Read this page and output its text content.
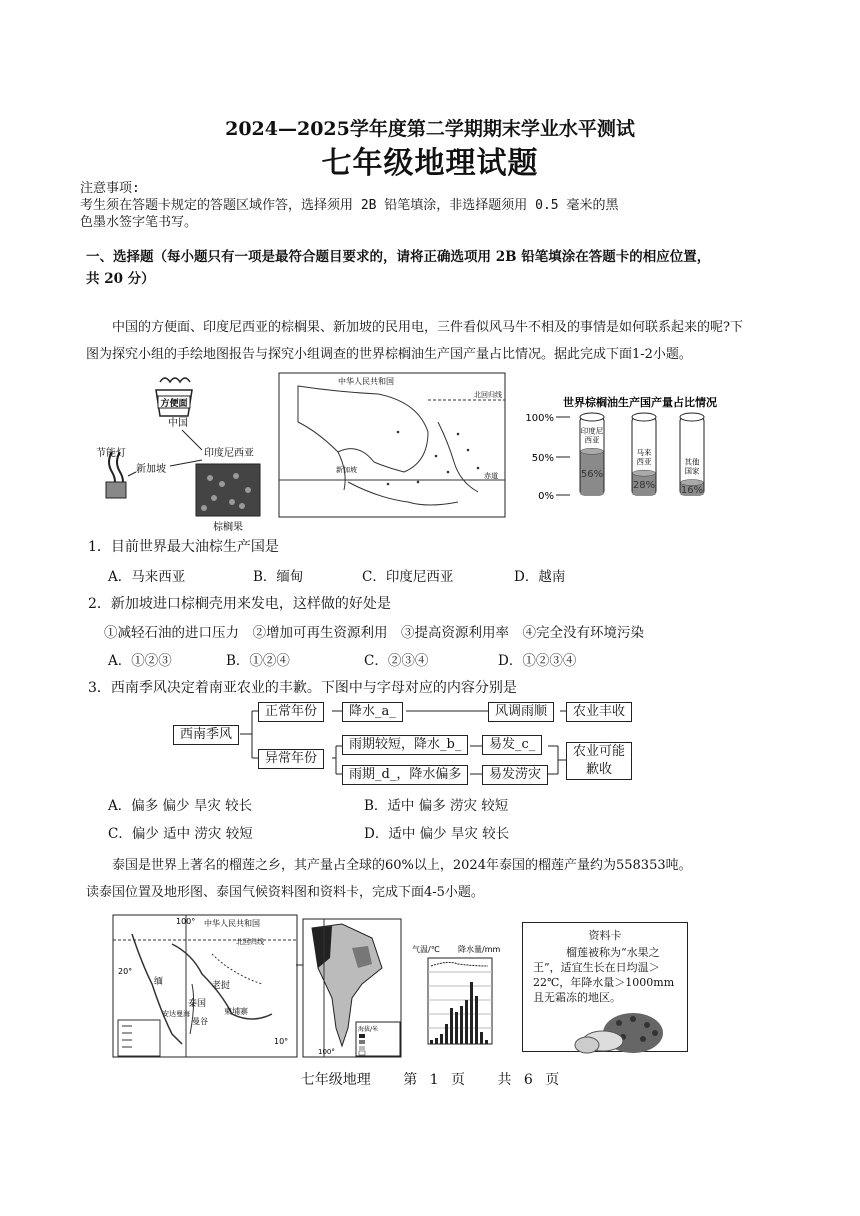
2024—2025学年度第二学期期末学业水平测试
七年级地理试题
注意事项:
考生须在答题卡规定的答题区域作答，选择须用 2B 铅笔填涂，非选择题须用 0.5 毫米的黑
色墨水签字笔书写。
一、选择题（每小题只有一项是最符合题目要求的，请将正确选项用 2B 铅笔填涂在答题卡的相应位置，
共 20 分）
中国的方便面、印度尼西亚的棕榈果、新加坡的民用电，三件看似风马牛不相及的事情是如何联系起来的呢?下图为探究小组的手绘地图报告与探究小组调查的世界棕榈油生产国产量占比情况。据此完成下面1-2小题。
方便面
中国
节能灯
新加坡
印度尼西亚
棕榈果
中华人民共和国
北回归线
赤道
新加坡
世界棕榈油生产国产量占比情况
100%
50%
0%
印度尼西亚
56%
马来西亚
28%
其他国家
16%
1．目前世界最大油棕生产国是
A．马来西亚	B．缅甸	C．印度尼西亚	D．越南
2．新加坡进口棕榈壳用来发电，这样做的好处是
①减轻石油的进口压力　②增加可再生资源利用　③提高资源利用率　④完全没有环境污染
A．①②③	B．①②④	C．②③④	D．①②③④
3．西南季风决定着南亚农业的丰歉。下图中与字母对应的内容分别是
西南季风
正常年份	降水_a_	风调雨顺	农业丰收
异常年份
雨期较短，降水_b_	易发_c_
雨期_d_，降水偏多	易发涝灾
农业可能歉收
A．偏多 偏少 旱灾 较长	B．适中 偏多 涝灾 较短
C．偏少 适中 涝灾 较短	D．适中 偏少 旱灾 较长
泰国是世界上著名的榴莲之乡，其产量占全球的60%以上，2024年泰国的榴莲产量约为558353吨。
读泰国位置及地形图、泰国气候资料图和资料卡，完成下面4-5小题。
100° 中华人民共和国
北回归线
20°
10°
缅	老挝
泰国
柬埔寨
曼谷
安达曼海
海拔/米
100°
气温/℃ 降水量/mm
资料卡
榴莲被称为“水果之王”，适宜生长在日均温＞22℃，年降水量＞1000mm且无霜冻的地区。
七年级地理 第 1 页 共 6 页
